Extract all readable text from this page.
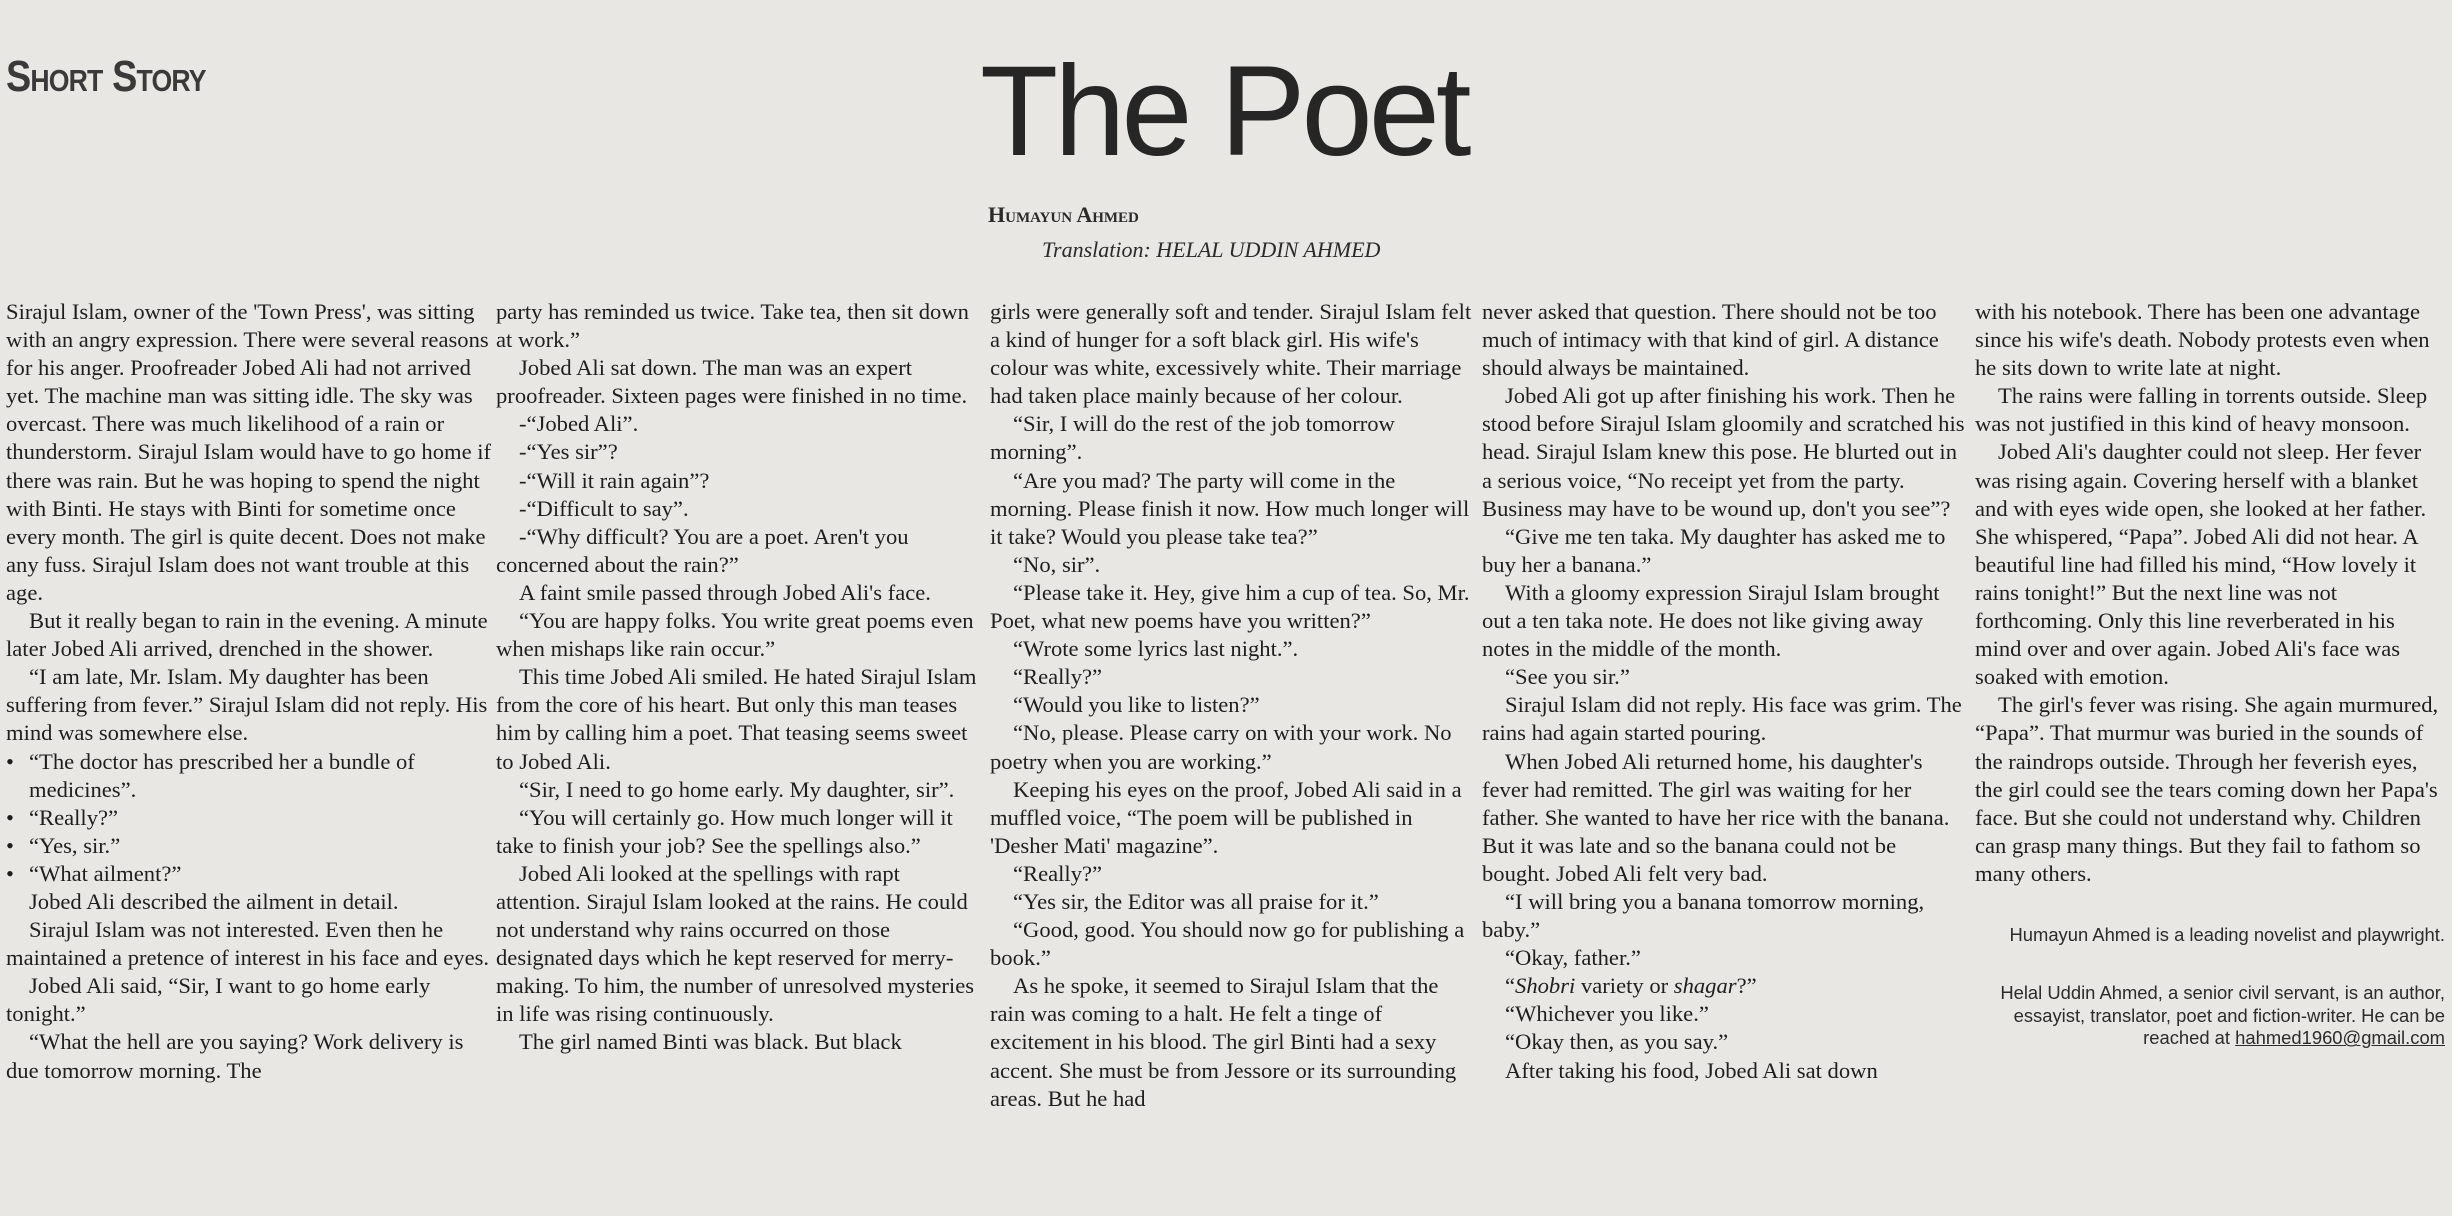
Short Story	The Poet
Humayun Ahmed
Translation: HELAL UDDIN AHMED

Sirajul Islam, owner of the 'Town Press', was sitting with an angry expression. There were several reasons for his anger. Proofreader Jobed Ali had not arrived yet. The machine man was sitting idle. The sky was overcast. There was much likelihood of a rain or thunderstorm. Sirajul Islam would have to go home if there was rain. But he was hoping to spend the night with Binti. He stays with Binti for sometime once every month. The girl is quite decent. Does not make any fuss. Sirajul Islam does not want trouble at this age.

But it really began to rain in the evening. A minute later Jobed Ali arrived, drenched in the shower.

“I am late, Mr. Islam. My daughter has been suffering from fever.” Sirajul Islam did not reply. His mind was somewhere else.

• “The doctor has prescribed her a bundle of medicines”.
• “Really?”
• “Yes, sir.”
• “What ailment?”

Jobed Ali described the ailment in detail.

Sirajul Islam was not interested. Even then he maintained a pretence of interest in his face and eyes.

Jobed Ali said, “Sir, I want to go home early tonight.”

“What the hell are you saying? Work delivery is due tomorrow morning. The

party has reminded us twice. Take tea, then sit down at work.”

Jobed Ali sat down. The man was an expert proofreader. Sixteen pages were finished in no time.

-“Jobed Ali”.

-“Yes sir”?

-“Will it rain again”?

-“Difficult to say”.

-“Why difficult? You are a poet. Aren't you concerned about the rain?”

A faint smile passed through Jobed Ali's face.

“You are happy folks. You write great poems even when mishaps like rain occur.”

This time Jobed Ali smiled. He hated Sirajul Islam from the core of his heart. But only this man teases him by calling him a poet. That teasing seems sweet to Jobed Ali.

“Sir, I need to go home early. My daughter, sir”.

“You will certainly go. How much longer will it take to finish your job? See the spellings also.”

Jobed Ali looked at the spellings with rapt attention. Sirajul Islam looked at the rains. He could not understand why rains occurred on those designated days which he kept reserved for merry-making. To him, the number of unresolved mysteries in life was rising continuously.

The girl named Binti was black. But black

girls were generally soft and tender. Sirajul Islam felt a kind of hunger for a soft black girl. His wife's colour was white, excessively white. Their marriage had taken place mainly because of her colour.

“Sir, I will do the rest of the job tomorrow morning”.

“Are you mad? The party will come in the morning. Please finish it now. How much longer will it take? Would you please take tea?”

“No, sir”.

“Please take it. Hey, give him a cup of tea. So, Mr. Poet, what new poems have you written?”

“Wrote some lyrics last night.”.

“Really?”

“Would you like to listen?”

“No, please. Please carry on with your work. No poetry when you are working.”

Keeping his eyes on the proof, Jobed Ali said in a muffled voice, “The poem will be published in 'Desher Mati' magazine”.

“Really?”

“Yes sir, the Editor was all praise for it.”

“Good, good. You should now go for publishing a book.”

As he spoke, it seemed to Sirajul Islam that the rain was coming to a halt. He felt a tinge of excitement in his blood. The girl Binti had a sexy accent. She must be from Jessore or its surrounding areas. But he had

never asked that question. There should not be too much of intimacy with that kind of girl. A distance should always be maintained.

Jobed Ali got up after finishing his work. Then he stood before Sirajul Islam gloomily and scratched his head. Sirajul Islam knew this pose. He blurted out in a serious voice, “No receipt yet from the party. Business may have to be wound up, don't you see”?

“Give me ten taka. My daughter has asked me to buy her a banana.”

With a gloomy expression Sirajul Islam brought out a ten taka note. He does not like giving away notes in the middle of the month.

“See you sir.”

Sirajul Islam did not reply. His face was grim. The rains had again started pouring.

When Jobed Ali returned home, his daughter's fever had remitted. The girl was waiting for her father. She wanted to have her rice with the banana. But it was late and so the banana could not be bought. Jobed Ali felt very bad.

“I will bring you a banana tomorrow morning, baby.”

“Okay, father.”

“Shobri variety or shagar?”

“Whichever you like.”

“Okay then, as you say.”

After taking his food, Jobed Ali sat down

with his notebook. There has been one advantage since his wife's death. Nobody protests even when he sits down to write late at night.

The rains were falling in torrents outside. Sleep was not justified in this kind of heavy monsoon.

Jobed Ali's daughter could not sleep. Her fever was rising again. Covering herself with a blanket and with eyes wide open, she looked at her father. She whispered, “Papa”. Jobed Ali did not hear. A beautiful line had filled his mind, “How lovely it rains tonight!” But the next line was not forthcoming. Only this line reverberated in his mind over and over again. Jobed Ali's face was soaked with emotion.

The girl's fever was rising. She again murmured, “Papa”. That murmur was buried in the sounds of the raindrops outside. Through her feverish eyes, the girl could see the tears coming down her Papa's face. But she could not understand why. Children can grasp many things. But they fail to fathom so many others.

Humayun Ahmed is a leading novelist and playwright.

Helal Uddin Ahmed, a senior civil servant, is an author, essayist, translator, poet and fiction-writer. He can be reached at hahmed1960@gmail.com
